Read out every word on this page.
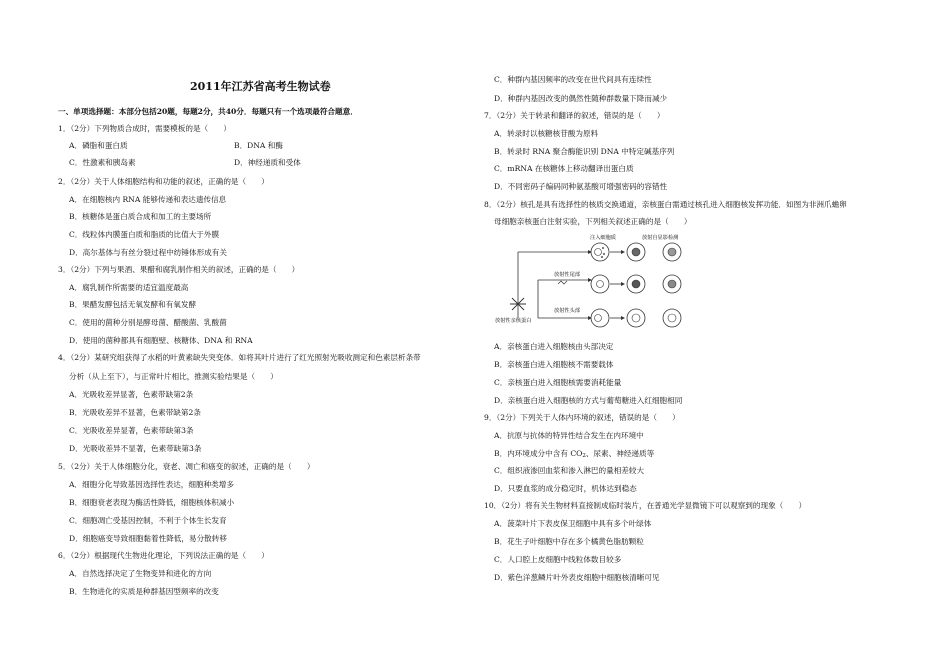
2011年江苏省高考生物试卷
一、单项选择题：本部分包括20题，每题2分，共40分．每题只有一个选项最符合题意．
1．（2分）下列物质合成时，需要模板的是（　　）
A．磷脂和蛋白质	B．DNA 和酶
C．性激素和胰岛素	D．神经递质和受体
2．（2分）关于人体细胞结构和功能的叙述，正确的是（　　）
A．在细胞核内 RNA 能够传递和表达遗传信息
B．核糖体是蛋白质合成和加工的主要场所
C．线粒体内膜蛋白质和脂质的比值大于外膜
D．高尔基体与有丝分裂过程中纺锤体形成有关
3．（2分）下列与果酒、果醋和腐乳制作相关的叙述，正确的是（　　）
A．腐乳制作所需要的适宜温度最高
B．果醋发酵包括无氧发酵和有氧发酵
C．使用的菌种分别是酵母菌、醋酸菌、乳酸菌
D．使用的菌种都具有细胞壁、核糖体、DNA 和 RNA
4．（2分）某研究组获得了水稻的叶黄素缺失突变体．如将其叶片进行了红光照射光吸收测定和色素层析条带
分析（从上至下），与正常叶片相比，推测实验结果是（　　）
A．光吸收差异显著，色素带缺第2条
B．光吸收差异不显著，色素带缺第2条
C．光吸收差异显著，色素带缺第3条
D．光吸收差异不显著，色素带缺第3条
5．（2分）关于人体细胞分化，衰老、凋亡和癌变的叙述，正确的是（　　）
A．细胞分化导致基因选择性表达，细胞种类增多
B．细胞衰老表现为酶活性降低，细胞核体积减小
C．细胞凋亡受基因控制，不利于个体生长发育
D．细胞癌变导致细胞黏着性降低，易分散转移
6．（2分）根据现代生物进化理论，下列说法正确的是（　　）
A．自然选择决定了生物变异和进化的方向
B．生物进化的实质是种群基因型频率的改变
C．种群内基因频率的改变在世代间具有连续性
D．种群内基因改变的偶然性随种群数量下降而减少
7．（2分）关于转录和翻译的叙述，错误的是（　　）
A．转录时以核糖核苷酸为原料
B．转录时 RNA 聚合酶能识别 DNA 中特定碱基序列
C．mRNA 在核糖体上移动翻译出蛋白质
D．不同密码子编码同种氨基酸可增强密码的容错性
8．（2分）核孔是具有选择性的核质交换通道，亲核蛋白需通过核孔进入细胞核发挥功能．如图为非洲爪蟾卵
母细胞亲核蛋白注射实验，下列相关叙述正确的是（　　）
注入细胞质	放射自显影检测
放射性尾部
放射性头部
放射性亲核蛋白
A．亲核蛋白进入细胞核由头部决定
B．亲核蛋白进入细胞核不需要载体
C．亲核蛋白进入细胞核需要消耗能量
D．亲核蛋白进入细胞核的方式与葡萄糖进入红细胞相同
9．（2分）下列关于人体内环境的叙述，错误的是（　　）
A．抗原与抗体的特异性结合发生在内环境中
B．内环境成分中含有 CO2、尿素、神经递质等
C．组织液渗回血浆和渗入淋巴的量相差较大
D．只要血浆的成分稳定时，机体达到稳态
10．（2分）将有关生物材料直接制成临时装片，在普通光学显微镜下可以观察到的现象（　　）
A．菠菜叶片下表皮保卫细胞中具有多个叶绿体
B．花生子叶细胞中存在多个橘黄色脂肪颗粒
C．人口腔上皮细胞中线粒体数目较多
D．紫色洋葱鳞片叶外表皮细胞中细胞核清晰可见
